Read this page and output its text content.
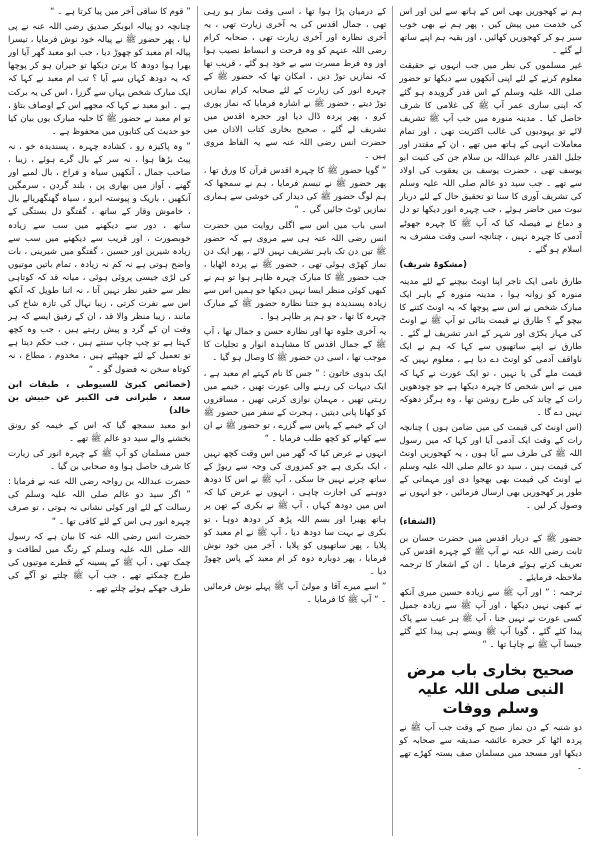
ہم نے کھجوریں بھی اس کے ہاتھ سے لیں اور اس کی خدمت میں پیش کیں ، پھر ہم نے بھی خوب سیر ہو کر کھجوریں کھائیں ، اور بقیہ ہم اپنے ساتھ لے گئے ۔

غیر مسلموں کی نظر میں جب انہوں نے حقیقت معلوم کرنے کے لئے اپنی آنکھوں سے دیکھا تو حضور صلی اللہ علیہ وسلم کے اس قدر گرویدہ ہو گئے کہ اپنی ساری عمر آپ ﷺ کی غلامی کا شرف حاصل کیا ۔ مدینہ منورہ میں جب آپ ﷺ تشریف لائے تو یہودیوں کی غالب اکثریت تھی ، اور تمام معاملات انہی کے ہاتھ میں تھے ، ان کے مقتدر اور جلیل القدر عالم عبداللہ بن سلام جن کی کنیت ابو یوسف تھی ، حضرت یوسف بن یعقوب کی اولاد سے تھے ۔ جب سید دو عالم صلی اللہ علیہ وسلم کی تشریف آوری کا سنا تو تحقیق حال کے لئے دربار نبوت میں حاضر ہوئے ، جب چہرہ انور دیکھا تو دل و دماغ نے فیصلہ کیا کہ آپ ﷺ کا چہرہ جھوٹے آدمی کا چہرہ نہیں ، چنانچہ اسی وقت مشرف بہ اسلام ہو گئے ۔

(مشکوۃ شریف)

طارق نامی ایک تاجر اپنا اونٹ بیچنے کے لئے مدینہ منورہ کو روانہ ہوا ، مدینہ منورہ کے باہر ایک مبارک شخص نے اس سے پوچھا کہ یہ اونٹ کتنے کا بیچو گے ؟ طارق نے قیمت بتائی تو آپ ﷺ نے اونٹ کی مہار پکڑی اور شہر کے اندر تشریف لے گئے ۔ طارق نے اپنے ساتھیوں سے کہا کہ ہم نے ایک ناواقف آدمی کو اونٹ دے دیا ہے ، معلوم نہیں کہ قیمت ملے گی یا نہیں ، تو ایک عورت نے کہا کہ میں نے اس شخص کا چہرہ دیکھا ہے جو چودھویں رات کے چاند کی طرح روشن تھا ، وہ ہرگز دھوکہ نہیں دے گا ۔

(اس اونٹ کی قیمت کی میں ضامن ہوں ) چنانچہ رات کے وقت ایک آدمی آیا اور کہا کہ میں رسول اللہ ﷺ کی طرف سے آیا ہوں ، یہ کھجوریں اونٹ کی قیمت ہیں ، سید دو عالم صلی اللہ علیہ وسلم نے اونٹ کی قیمت بھی بھجوا دی اور مہمانی کے طور پر کھجوریں بھی ارسال فرمائیں ، جو انہوں نے وصول کر لیں ۔

(الشفاء)

حضور ﷺ کے دربار اقدس میں حضرت حسان بن ثابت رضی اللہ عنہ نے آپ ﷺ کے چہرہ اقدس کی تعریف کرتے ہوئے فرمایا ۔ ان کے اشعار کا ترجمہ ملاحظہ فرمایئے ۔

ترجمہ : ” اور آپ ﷺ سے زیادہ حسین میری آنکھ نے کبھی نہیں دیکھا ، اور آپ ﷺ سے زیادہ جمیل کسی عورت نے نہیں جنا ، آپ ﷺ ہر عیب سے پاک پیدا کئے گئے ، گویا آپ ﷺ ویسے ہی پیدا کئے گئے جیسا آپ ﷺ نے چاہا تھا ۔ “

صحیح بخاری باب مرض النبی صلی اللہ علیہ وسلم ووفات

دو شنبہ کے دن نماز صبح کے وقت جب آپ ﷺ نے پردہ اٹھا کر حجرہ عائشہ صدیقہ سے صحابہ کو دیکھا اور مسجد میں مسلمان صف بستہ کھڑے تھے ۔

کے درمیان پڑا ہوا تھا ، اسی وقت نماز ہو رہی تھی ، جمال اقدس کی یہ آخری زیارت تھی ، یہ آخری نظارہ اور آخری زیارت تھی ، صحابہ کرام رضی اللہ عنہم کو وہ فرحت و انبساط نصیب ہوا اور وہ فرط مسرت سے بے خود ہو گئے ، قریب تھا کہ نمازیں توڑ دیں ، امکان تھا کہ حضور ﷺ کے چہرہ انور کی زیارت کے لئے صحابہ کرام نمازیں توڑ دیتے ، حضور ﷺ نے اشارہ فرمایا کہ نماز پوری کرو ، پھر پردہ ڈال دیا اور حجرہ اقدس میں تشریف لے گئے ، صحیح بخاری کتاب الاذان میں حضرت انس رضی اللہ عنہ سے یہ الفاظ مروی ہیں ۔

” گویا حضور ﷺ کا چہرہ اقدس قرآن کا ورق تھا ، پھر حضور ﷺ نے تبسم فرمایا ، ہم نے سمجھا کہ ہم لوگ حضور ﷺ کی دیدار کی خوشی سے ہماری نمازیں ٹوٹ جائیں گی ۔ “

اسی باب میں اس سے اگلی روایت میں حضرت انس رضی اللہ عنہ ہی سے مروی ہے کہ حضور ﷺ تین دن تک باہر تشریف نہیں لائے ، پھر ایک دن نماز کھڑی ہوئی تھی ، حضور ﷺ نے پردہ اٹھایا ، جب حضور ﷺ کا مبارک چہرہ ظاہر ہوا تو ہم نے کبھی کوئی منظر ایسا نہیں دیکھا جو ہمیں اس سے زیادہ پسندیدہ ہو جتنا نظارہ حضور ﷺ کے مبارک چہرہ کا تھا ، جو ہم پر ظاہر ہوا ۔

یہ آخری جلوہ تھا اور نظارہ حسن و جمال تھا ، آپ ﷺ کے جمال اقدس کا مشاہدہ انوار و تجلیات کا موجب تھا ، اسی دن حضور ﷺ کا وصال ہو گیا ۔

ایک بدوی خاتون : ” جس کا نام کہتے ام معبد ہے ، ایک دیہات کی رہنے والی عورت تھیں ، خیمے میں رہتی تھیں ، مہمان نوازی کرتی تھیں ، مسافروں کو کھانا پانی دیتیں ، ہجرت کے سفر میں حضور ﷺ ان کے خیمے کے پاس سے گزرے ، تو حضور ﷺ نے ان سے کھانے کو کچھ طلب فرمایا ۔ “

انہوں نے عرض کیا کہ گھر میں اس وقت کچھ نہیں ، ایک بکری ہے جو کمزوری کی وجہ سے ریوڑ کے ساتھ چرنے نہیں جا سکی ، آپ ﷺ نے اس کا دودھ دوہنے کی اجازت چاہی ، انہوں نے عرض کیا کہ اس میں دودھ کہاں ، آپ ﷺ نے بکری کے تھن پر ہاتھ پھیرا اور بسم اللہ پڑھ کر دودھ دوہا ، تو بکری نے بہت سا دودھ دیا ، آپ ﷺ نے ام معبد کو پلایا ، پھر ساتھیوں کو پلایا ، آخر میں خود نوش فرمایا ، پھر دوبارہ دوہ کر ام معبد کے پاس چھوڑ دیا ۔

” اسے میرے آقا و مولیٰ آپ ﷺ پہلے نوش فرمائیں ۔ “ آپ ﷺ کا فرمایا ۔

” قوم کا ساقی آخر میں پیا کرتا ہے ۔ “

چنانچہ دو پیالہ ابوبکر صدیق رضی اللہ عنہ نے پی لیا ، پھر حضور ﷺ نے پیالہ خود نوش فرمایا ، تیسرا پیالہ ام معبد کو چھوڑ دیا ، جب ابو معبد گھر آیا اور بھرا ہوا دودھ کا برتن دیکھا تو حیران ہو کر پوچھا کہ یہ دودھ کہاں سے آیا ؟ تب ام معبد نے کہا کہ ایک مبارک شخص یہاں سے گزرا ، اس کی یہ برکت ہے ۔ ابو معبد نے کہا کہ مجھے اس کے اوصاف بتاؤ ، تو ام معبد نے حضور ﷺ کا حلیہ مبارک یوں بیان کیا جو حدیث کی کتابوں میں محفوظ ہے ۔

” وہ پاکیزہ رو ، کشادہ چہرہ ، پسندیدہ خو ، نہ پیٹ بڑھا ہوا ، نہ سر کے بال گرے ہوئے ، زیبا ، صاحب جمال ، آنکھیں سیاہ و فراخ ، بال لمبے اور گھنے ، آواز میں بھاری پن ، بلند گردن ، سرمگیں آنکھیں ، باریک و پیوستہ ابرو ، سیاہ گھنگھریالے بال ، خاموش وقار کے ساتھ ، گفتگو دل بستگی کے ساتھ ، دور سے دیکھنے میں سب سے زیادہ خوبصورت ، اور قریب سے دیکھنے میں سب سے زیادہ شیریں اور حسین ، گفتگو میں شیرینی ، بات واضح ہوتی ہے نہ کم نہ زیادہ ، تمام باتیں موتیوں کی لڑی جیسی پروئی ہوئی ، میانہ قد کہ کوتاہی نظر سے حقیر نظر نہیں آتا ، نہ اتنا طویل کہ آنکھ اس سے نفرت کرتی ، زیبا نہال کی تازہ شاخ کی مانند ، زیبا منظر والا قد ، ان کے رفیق ایسے کہ ہر وقت ان کے گرد و پیش رہتے ہیں ، جب وہ کچھ کہتا ہے تو چپ چاپ سنتے ہیں ، جب حکم دیتا ہے تو تعمیل کے لئے جھپٹتے ہیں ، مخدوم ، مطاع ، نہ کوتاہ سخن نہ فضول گو ۔ “

(خصائص کبریٰ للسیوطی ، طبقات ابن سعد ، طبرانی فی الکبیر عن حبیش بن خالد)

ابو معبد سمجھ گیا کہ اس کے خیمہ کو رونق بخشنے والے سید دو عالم ﷺ تھے ۔

جس مسلمان کو آپ ﷺ کے چہرہ انور کی زیارت کا شرف حاصل ہوا وہ صحابی بن گیا ۔

حضرت عبداللہ بن رواحہ رضی اللہ عنہ نے فرمایا : ” اگر سید دو عالم صلی اللہ علیہ وسلم کی رسالت کے لئے اور کوئی نشانی نہ ہوتی ، تو صرف چہرہ انور ہی اس کے لئے کافی تھا ۔ “

حضرت انس رضی اللہ عنہ کا بیان ہے کہ رسول اللہ صلی اللہ علیہ وسلم کے رنگ میں لطافت و چمک تھی ، آپ ﷺ کے پسینہ کے قطرے موتیوں کی طرح چمکتے تھے ، جب آپ ﷺ چلتے تو آگے کی طرف جھکے ہوئے چلتے تھے ۔
